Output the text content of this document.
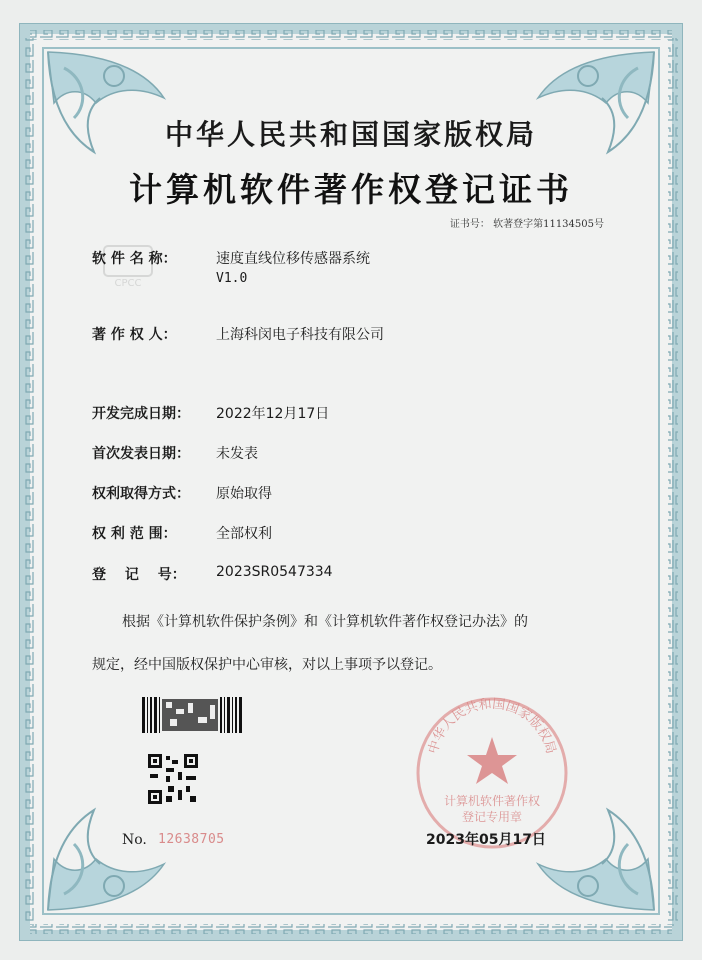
中华人民共和国国家版权局
计算机软件著作权登记证书
证书号： 软著登字第11134505号
CPCC
软 件 名 称：	速度直线位移传感器系统
V1.0
著 作 权 人：	上海科闵电子科技有限公司
开发完成日期：	2022年12月17日
首次发表日期：	未发表
权利取得方式：	原始取得
权 利 范 围：	全部权利
登　 记　 号：	2023SR0547334
根据《计算机软件保护条例》和《计算机软件著作权登记办法》的
规定，经中国版权保护中心审核，对以上事项予以登记。
No. 12638705
中华人民共和国国家版权局
计算机软件著作权
登记专用章
2023年05月17日
